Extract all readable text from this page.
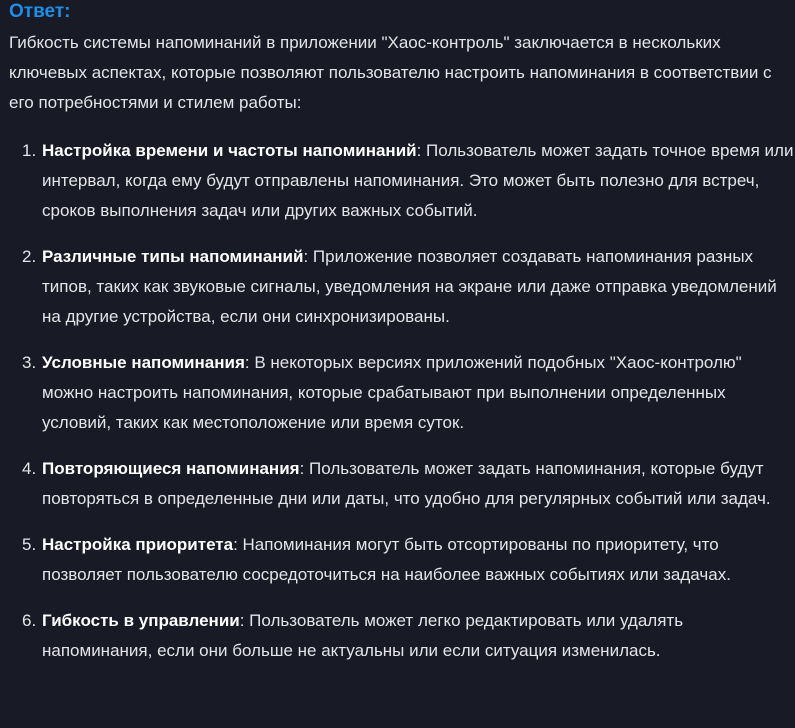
Ответ:

Гибкость системы напоминаний в приложении "Хаос-контроль" заключается в нескольких ключевых аспектах, которые позволяют пользователю настроить напоминания в соответствии с его потребностями и стилем работы:

1. Настройка времени и частоты напоминаний: Пользователь может задать точное время или интервал, когда ему будут отправлены напоминания. Это может быть полезно для встреч, сроков выполнения задач или других важных событий.
2. Различные типы напоминаний: Приложение позволяет создавать напоминания разных типов, таких как звуковые сигналы, уведомления на экране или даже отправка уведомлений на другие устройства, если они синхронизированы.
3. Условные напоминания: В некоторых версиях приложений подобных "Хаос-контролю" можно настроить напоминания, которые срабатывают при выполнении определенных условий, таких как местоположение или время суток.
4. Повторяющиеся напоминания: Пользователь может задать напоминания, которые будут повторяться в определенные дни или даты, что удобно для регулярных событий или задач.
5. Настройка приоритета: Напоминания могут быть отсортированы по приоритету, что позволяет пользователю сосредоточиться на наиболее важных событиях или задачах.
6. Гибкость в управлении: Пользователь может легко редактировать или удалять напоминания, если они больше не актуальны или если ситуация изменилась.
